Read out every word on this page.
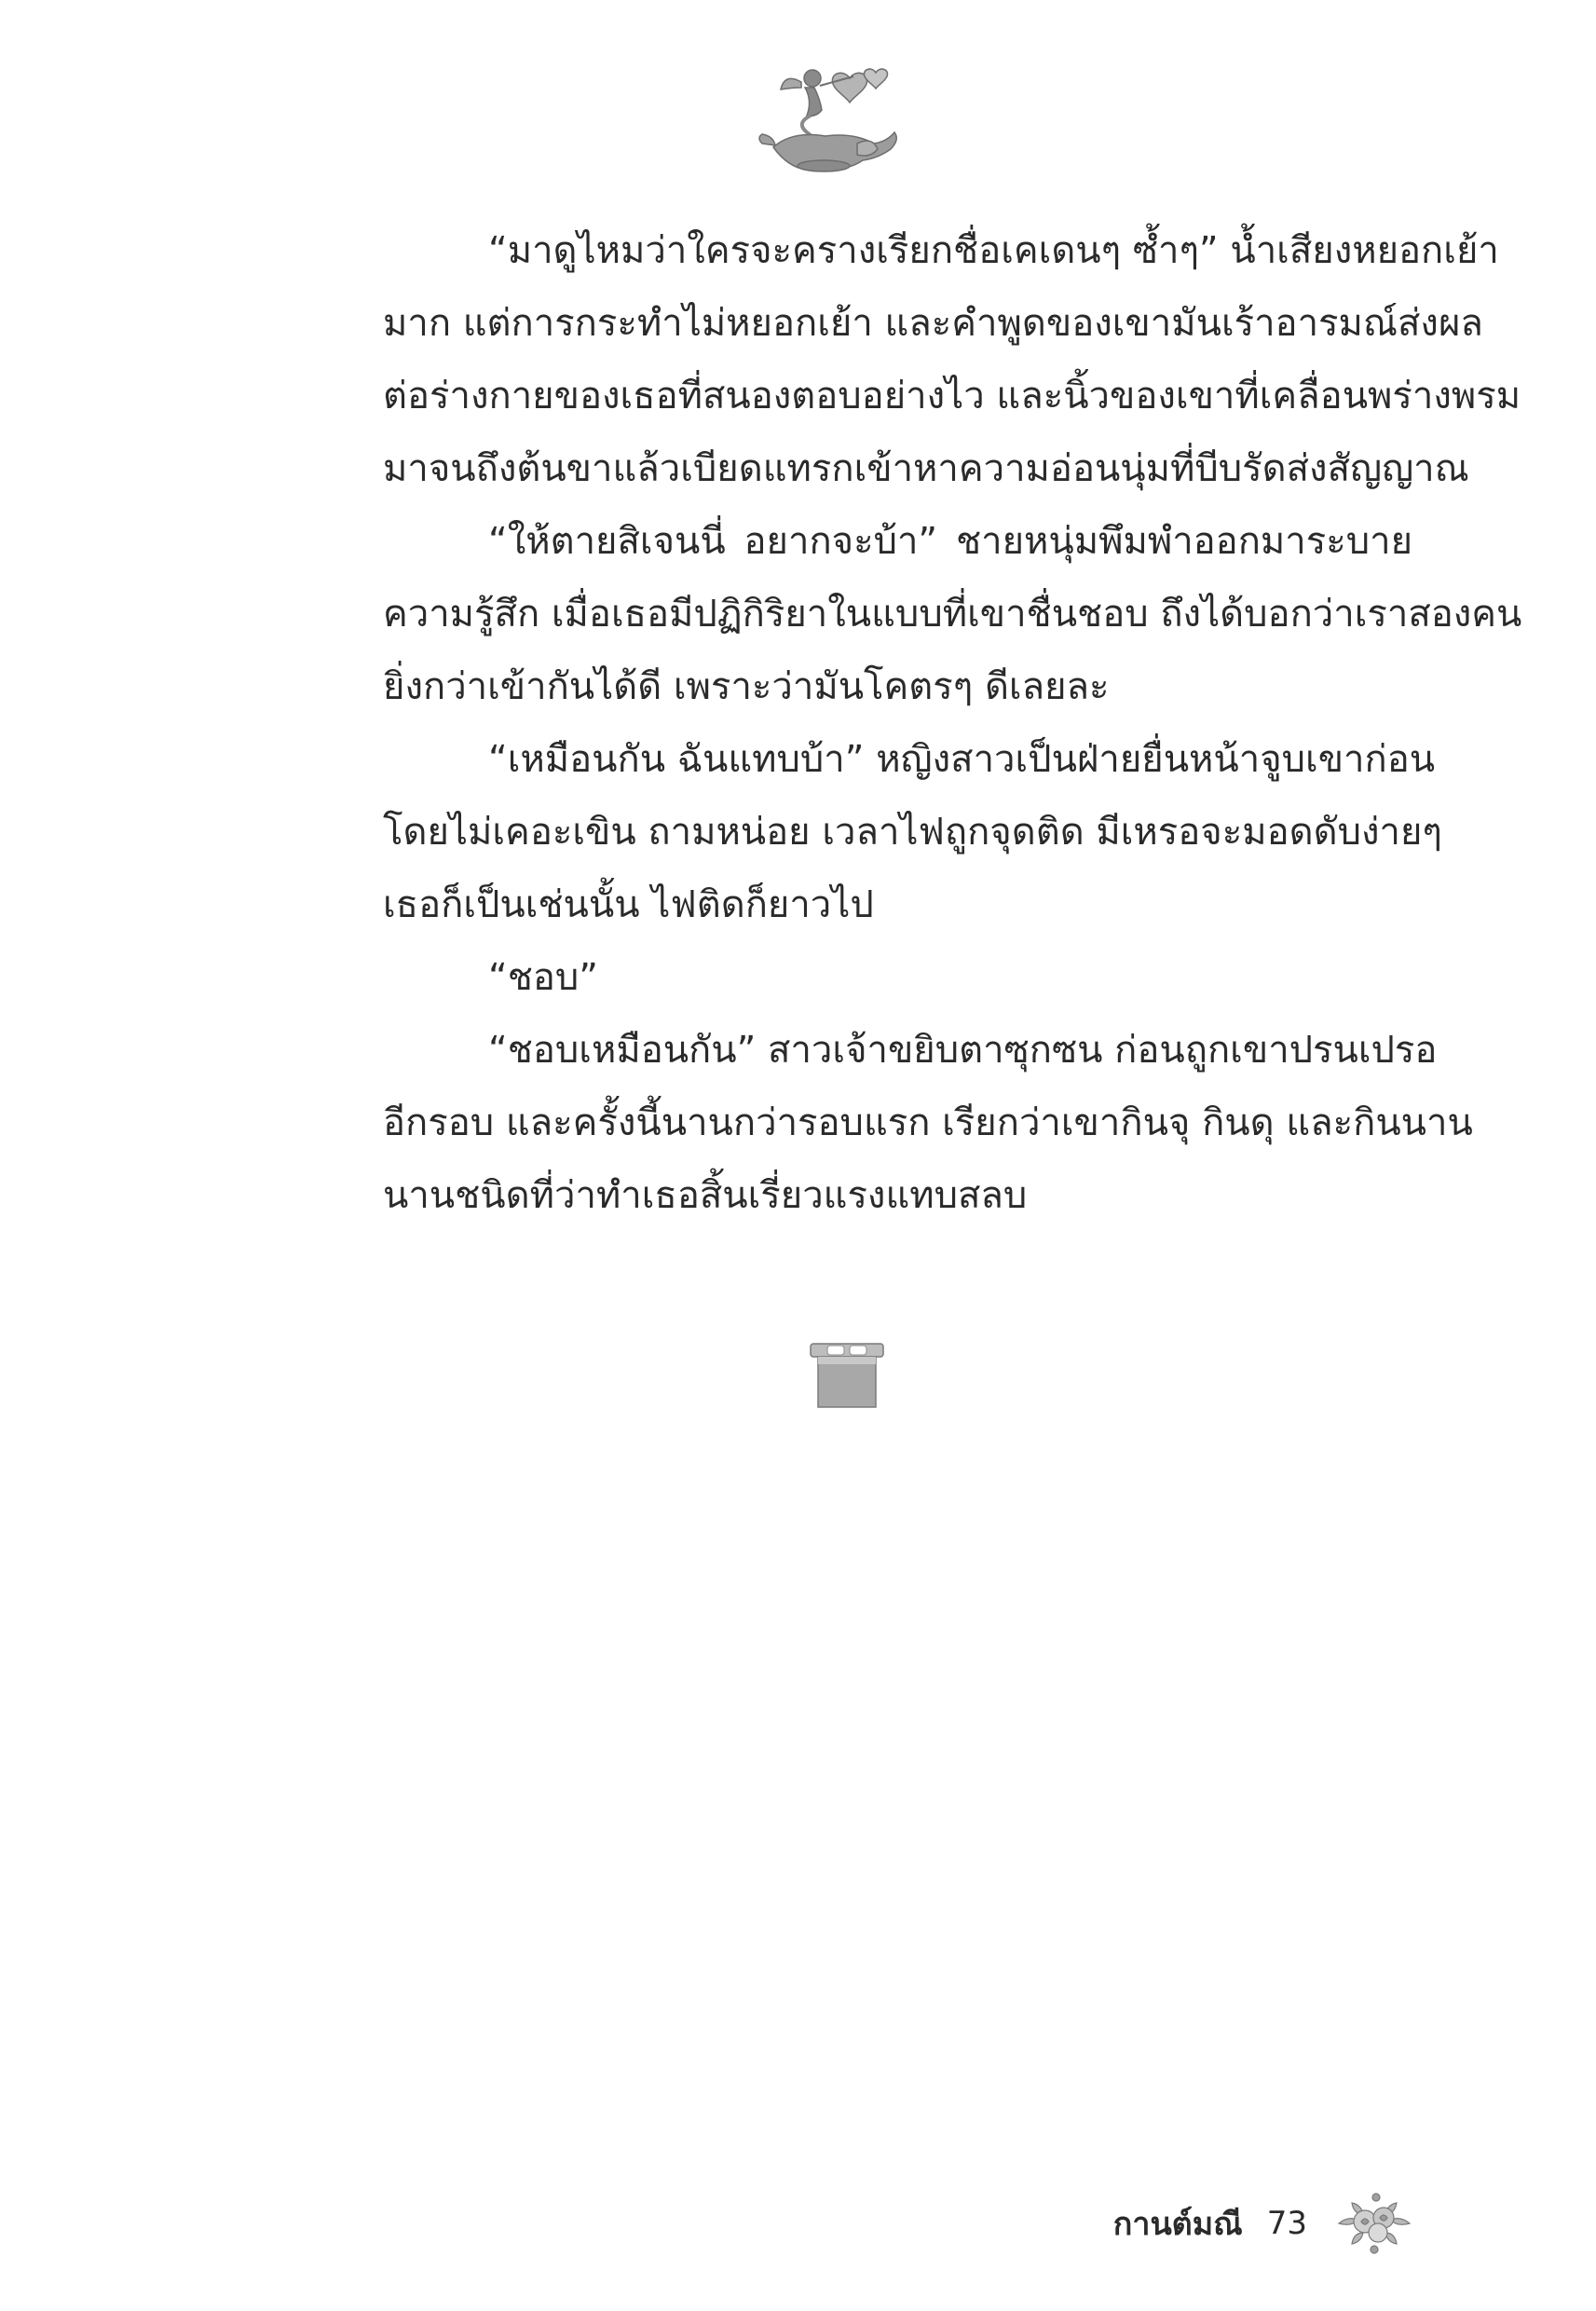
“มาดูไหมว่าใครจะครางเรียกชื่อเคเดนๆ ซ้ำๆ” น้ำเสียงหยอกเย้า
มาก แต่การกระทำไม่หยอกเย้า และคำพูดของเขามันเร้าอารมณ์ส่งผล
ต่อร่างกายของเธอที่สนองตอบอย่างไว และนิ้วของเขาที่เคลื่อนพร่างพรม
มาจนถึงต้นขาแล้วเบียดแทรกเข้าหาความอ่อนนุ่มที่บีบรัดส่งสัญญาณ

“ให้ตายสิเจนนี่ อยากจะบ้า” ชายหนุ่มพึมพำออกมาระบาย
ความรู้สึก เมื่อเธอมีปฏิกิริยาในแบบที่เขาชื่นชอบ ถึงได้บอกว่าเราสองคน
ยิ่งกว่าเข้ากันได้ดี เพราะว่ามันโคตรๆ ดีเลยละ

“เหมือนกัน ฉันแทบบ้า” หญิงสาวเป็นฝ่ายยื่นหน้าจูบเขาก่อน
โดยไม่เคอะเขิน ถามหน่อย เวลาไฟถูกจุดติด มีเหรอจะมอดดับง่ายๆ
เธอก็เป็นเช่นนั้น ไฟติดก็ยาวไป

“ชอบ”

“ชอบเหมือนกัน” สาวเจ้าขยิบตาซุกซน ก่อนถูกเขาปรนเปรอ
อีกรอบ และครั้งนี้นานกว่ารอบแรก เรียกว่าเขากินจุ กินดุ และกินนาน
นานชนิดที่ว่าทำเธอสิ้นเรี่ยวแรงแทบสลบ

กานต์มณี 73
